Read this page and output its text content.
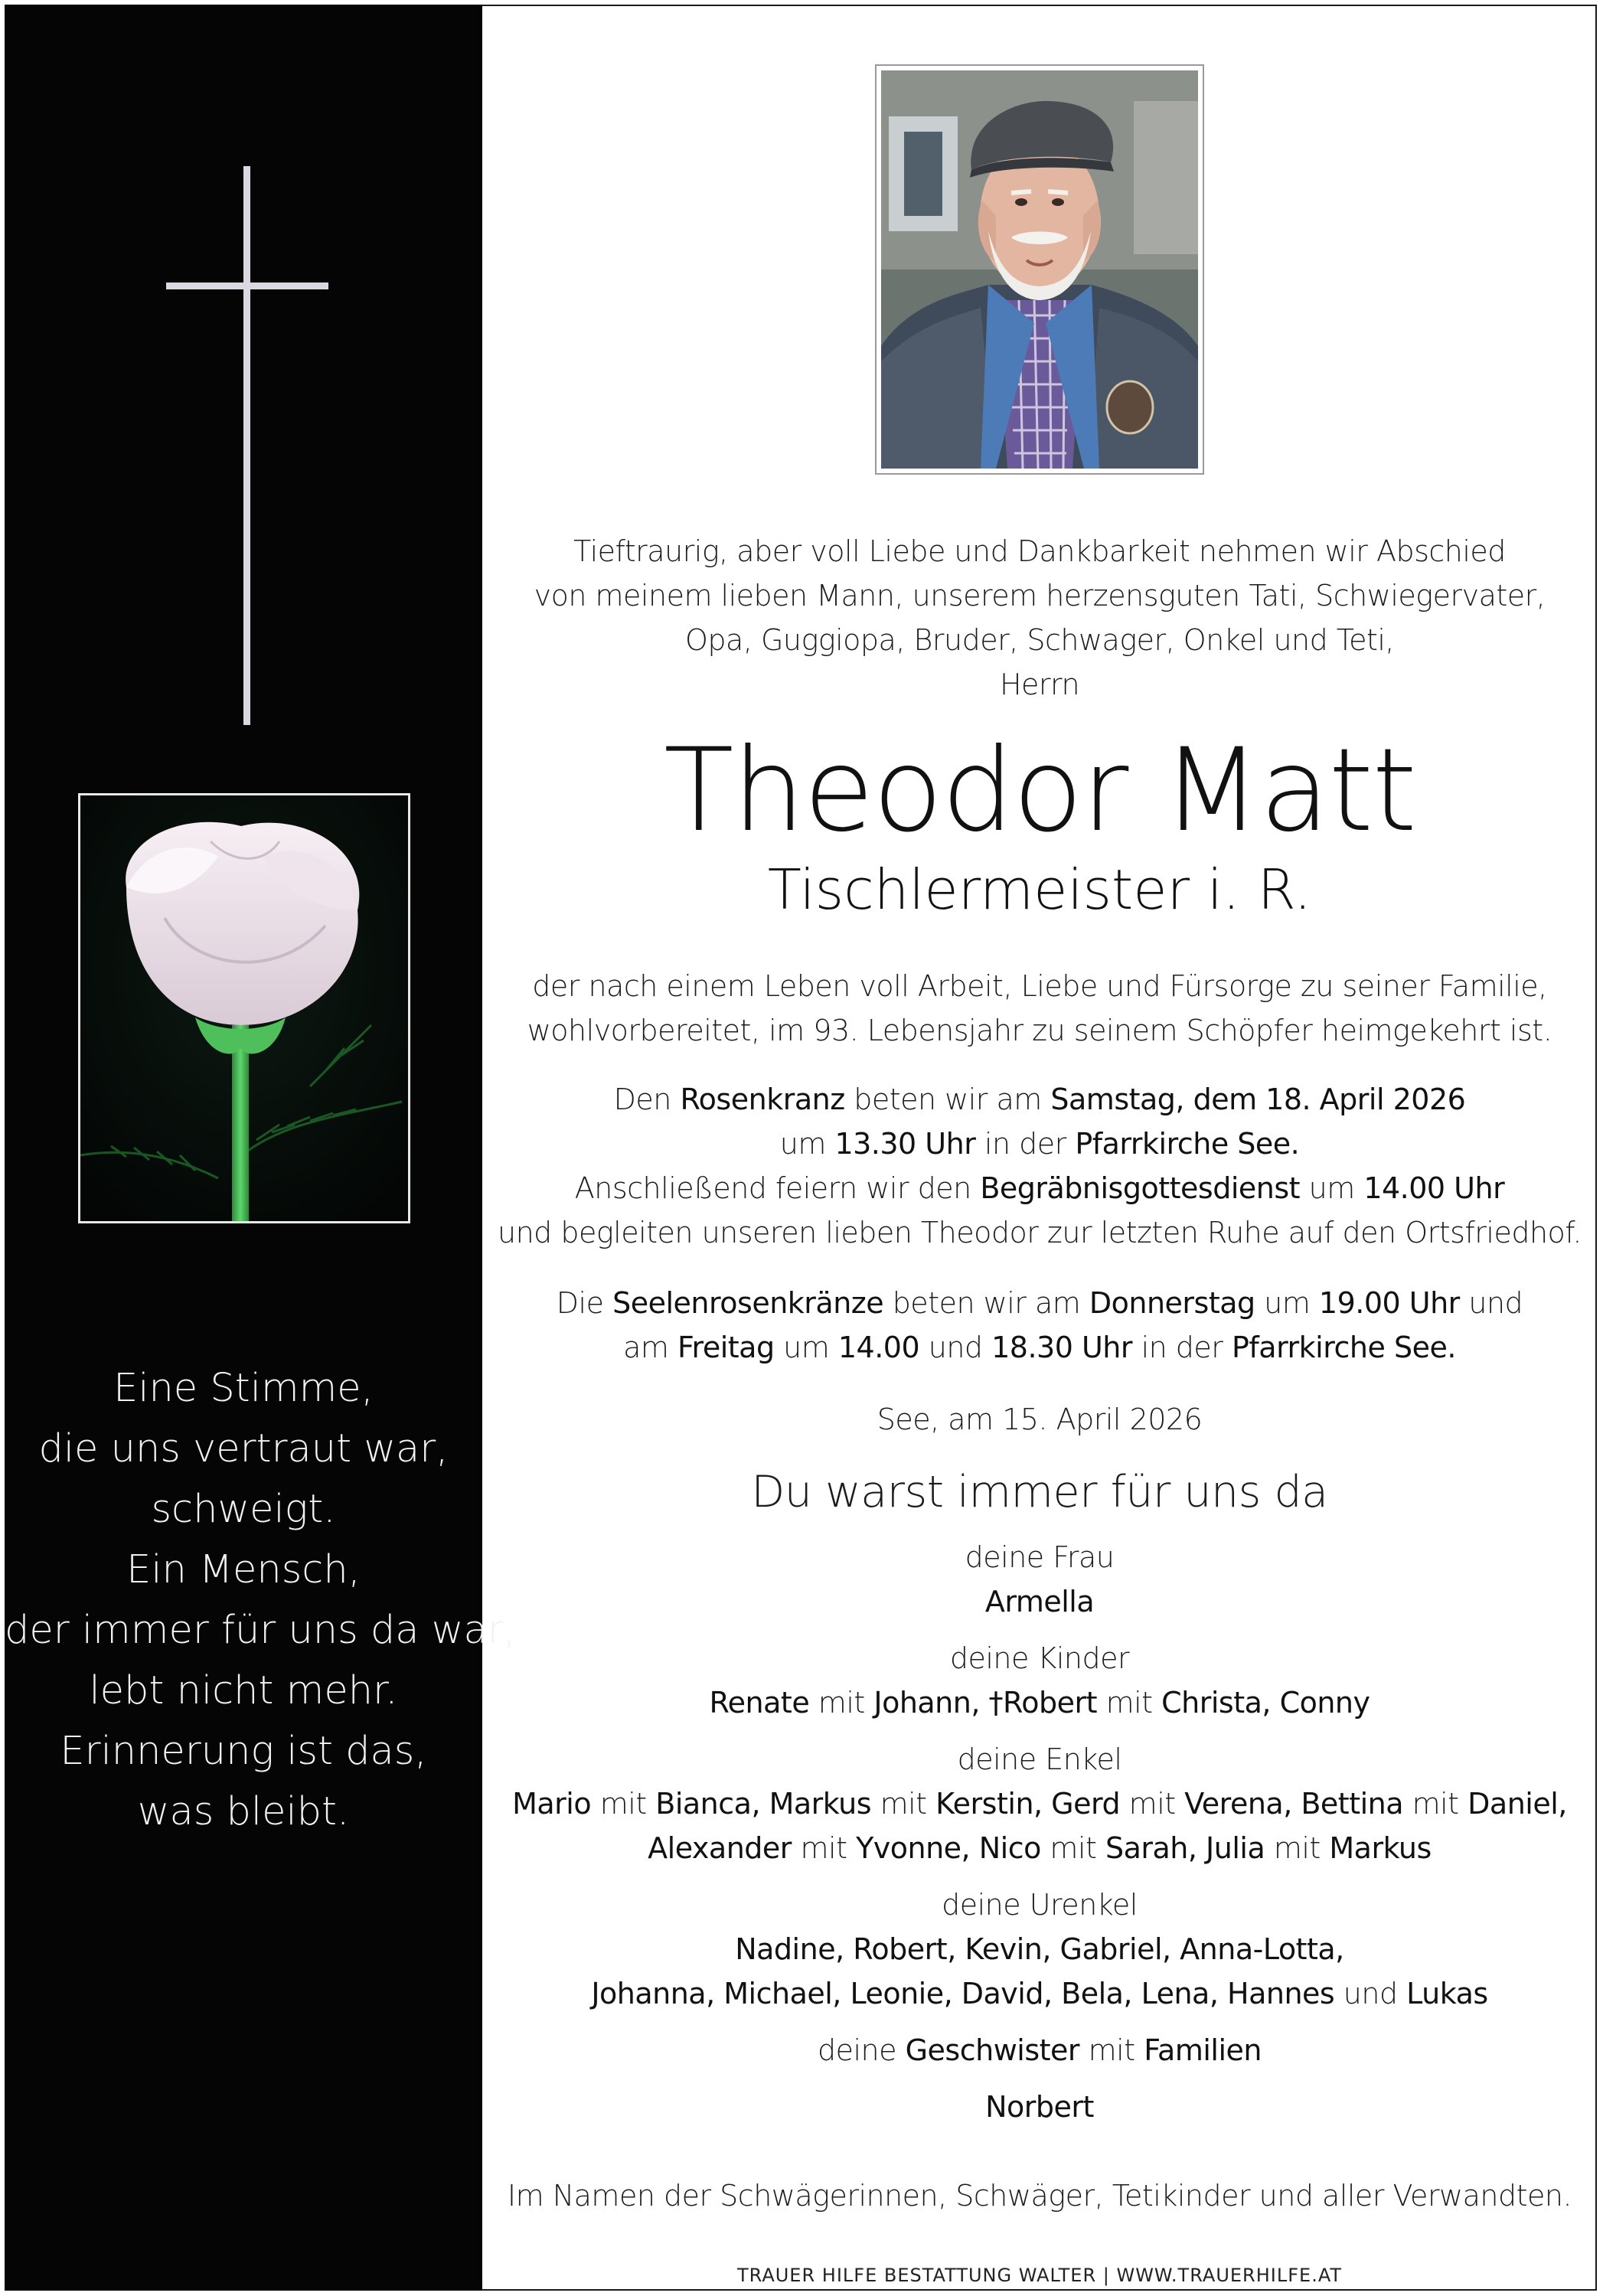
Eine Stimme,
die uns vertraut war,
schweigt.
Ein Mensch,
der immer für uns da war,
lebt nicht mehr.
Erinnerung ist das,
was bleibt.
Tieftraurig, aber voll Liebe und Dankbarkeit nehmen wir Abschied
von meinem lieben Mann, unserem herzensguten Tati, Schwiegervater,
Opa, Guggiopa, Bruder, Schwager, Onkel und Teti,
Herrn
Theodor Matt
Tischlermeister i. R.
der nach einem Leben voll Arbeit, Liebe und Fürsorge zu seiner Familie,
wohlvorbereitet, im 93. Lebensjahr zu seinem Schöpfer heimgekehrt ist.
Den Rosenkranz beten wir am Samstag, dem 18. April 2026
um 13.30 Uhr in der Pfarrkirche See.
Anschließend feiern wir den Begräbnisgottesdienst um 14.00 Uhr
und begleiten unseren lieben Theodor zur letzten Ruhe auf den Ortsfriedhof.
Die Seelenrosenkränze beten wir am Donnerstag um 19.00 Uhr und
am Freitag um 14.00 und 18.30 Uhr in der Pfarrkirche See.
See, am 15. April 2026
Du warst immer für uns da
deine Frau
Armella
deine Kinder
Renate mit Johann, †Robert mit Christa, Conny
deine Enkel
Mario mit Bianca, Markus mit Kerstin, Gerd mit Verena, Bettina mit Daniel,
Alexander mit Yvonne, Nico mit Sarah, Julia mit Markus
deine Urenkel
Nadine, Robert, Kevin, Gabriel, Anna-Lotta,
Johanna, Michael, Leonie, David, Bela, Lena, Hannes und Lukas
deine Geschwister mit Familien
Norbert
Im Namen der Schwägerinnen, Schwäger, Tetikinder und aller Verwandten.
TRAUER HILFE BESTATTUNG WALTER | WWW.TRAUERHILFE.AT
